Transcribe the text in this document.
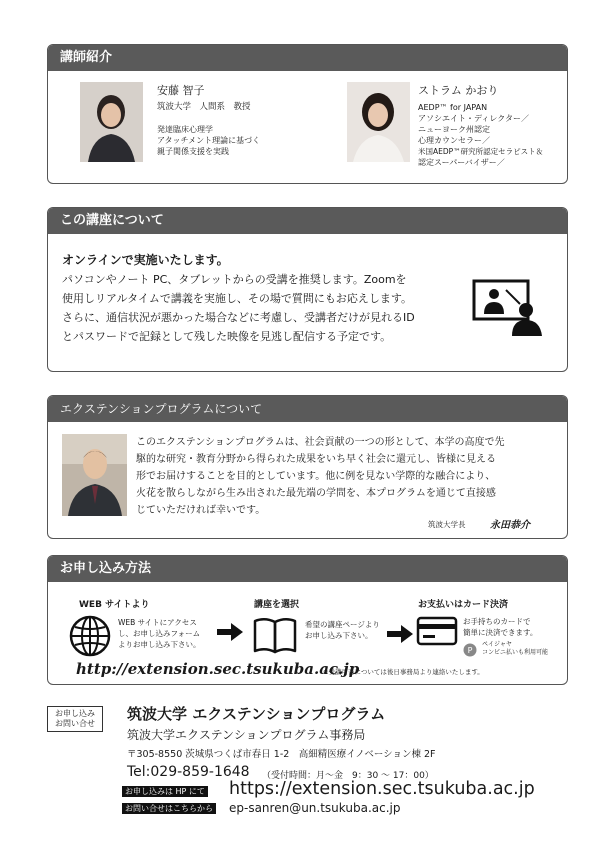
講師紹介
安藤 智子
筑波大学　人間系　教授
発達臨床心理学
アタッチメント理論に基づく
親子関係支援を実践
ストラム かおり
AEDP™ for JAPAN
アソシエイト・ディレクター／
ニューヨーク州認定
心理カウンセラー／
米国AEDP™研究所認定セラピスト＆
認定スーパーバイザー／
この講座について
オンラインで実施いたします。
パソコンやノート PC、タブレットからの受講を推奨します。Zoomを
使用しリアルタイムで講義を実施し、その場で質問にもお応えします。
さらに、通信状況が悪かった場合などに考慮し、受講者だけが見れるID
とパスワードで記録として残した映像を見逃し配信する予定です。
エクステンションプログラムについて
このエクステンションプログラムは、社会貢献の一つの形として、本学の高度で先
駆的な研究・教育分野から得られた成果をいち早く社会に還元し、皆様に見える
形でお届けすることを目的としています。他に例を見ない学際的な融合により、
火花を散らしながら生み出された最先端の学問を、本プログラムを通じて直接感
じていただければ幸いです。
筑波大学長 永田恭介
お申し込み方法
WEB サイトより
WEB サイトにアクセス
し、お申し込みフォーム
よりお申し込み下さい。
講座を選択
希望の講座ページより
お申し込み下さい。
お支払いはカード決済
お手持ちのカードで
簡単に決済できます。
P
ペイジャヤ
コンビニ払いも利用可能
http://extension.sec.tsukuba.ac.jp
※受講可否については後日事務局より連絡いたします。
お申し込み
お問い合せ
筑波大学 エクステンションプログラム
筑波大学エクステンションプログラム事務局
〒305-8550 茨城県つくば市春日 1-2　高細精医療イノベーション棟 2F
Tel:029-859-1648 （受付時間：月～金　9：30 ～ 17：00）
お申し込みは HP にて https://extension.sec.tsukuba.ac.jp
お問い合せはこちらから ep-sanren@un.tsukuba.ac.jp
